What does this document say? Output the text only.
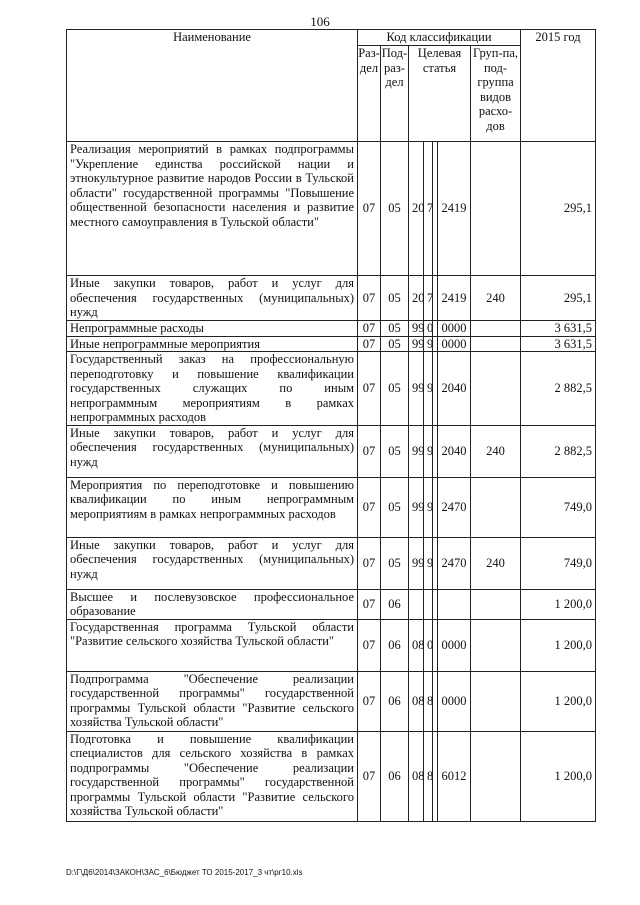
106
Наименование	Код классификации							2015 год
	Раз-дел	Под-раз-дел	Целевая статья				Груп-па, под-группа видов расхо-дов	
Реализация мероприятий в рамках подпрограммы "Укрепление единства российской нации и этнокультурное развитие народов России в Тульской области" государственной программы "Повышение общественной безопасности населения и развитие местного самоуправления в Тульской области"	07	05	20	7		2419		295,1
Иные закупки товаров, работ и услуг для обеспечения государственных (муниципальных) нужд	07	05	20	7		2419	240	295,1
Непрограммные расходы	07	05	99	0		0000		3 631,5
Иные непрограммные мероприятия	07	05	99	9		0000		3 631,5
Государственный заказ на профессиональную переподготовку и повышение квалификации государственных служащих по иным непрограммным мероприятиям в рамках непрограммных расходов	07	05	99	9		2040		2 882,5
Иные закупки товаров, работ и услуг для обеспечения государственных (муниципальных) нужд	07	05	99	9		2040	240	2 882,5
Мероприятия по переподготовке и повышению квалификации по иным непрограммным мероприятиям в рамках непрограммных расходов	07	05	99	9		2470		749,0
Иные закупки товаров, работ и услуг для обеспечения государственных (муниципальных) нужд	07	05	99	9		2470	240	749,0
Высшее и послевузовское профессиональное образование	07	06						1 200,0
Государственная программа Тульской области "Развитие сельского хозяйства Тульской области"	07	06	08	0		0000		1 200,0
Подпрограмма "Обеспечение реализации государственной программы" государственной программы Тульской области "Развитие сельского хозяйства Тульской области"	07	06	08	8		0000		1 200,0
Подготовка и повышение квалификации специалистов для сельского хозяйства в рамках подпрограммы "Обеспечение реализации государственной программы" государственной программы Тульской области "Развитие сельского хозяйства Тульской области"	07	06	08	8		6012		1 200,0
D:\Г\Д6\2014\ЗАКОН\ЗАС_6\Бюджет ТО 2015-2017_3 чт\рг10.xls
